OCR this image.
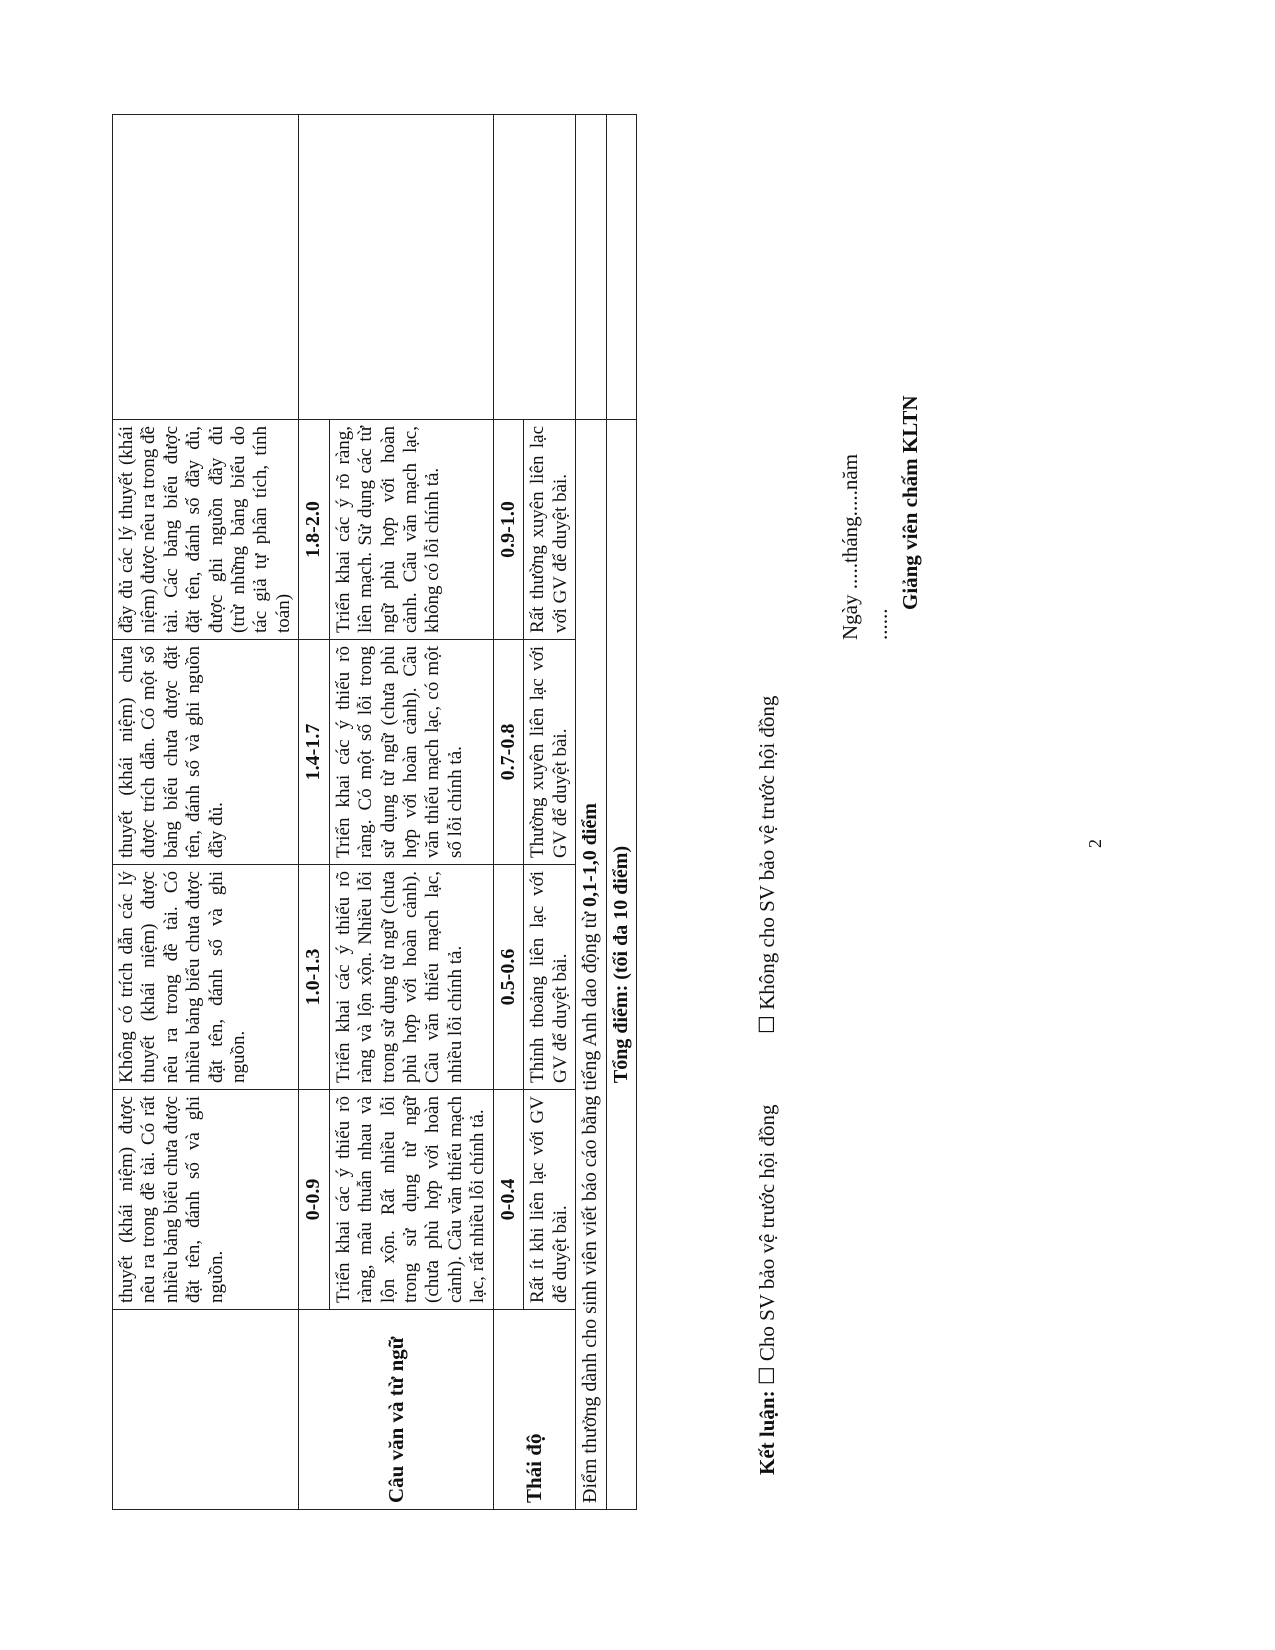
	thuyết (khái niệm) được nêu ra trong đề tài. Có rất nhiều bảng biểu chưa được đặt tên, đánh số và ghi nguồn.	Không có trích dẫn các lý thuyết (khái niệm) được nêu ra trong đề tài. Có nhiều bảng biểu chưa được đặt tên, đánh số và ghi nguồn.	thuyết (khái niệm) chưa được trích dẫn. Có một số bảng biểu chưa được đặt tên, đánh số và ghi nguồn đầy đủ.	đầy đủ các lý thuyết (khái niệm) được nêu ra trong đề tài. Các bảng biểu được đặt tên, đánh số đầy đủ, được ghi nguồn đầy đủ (trừ những bảng biểu do tác giả tự phân tích, tính toán)	
Câu văn và từ ngữ	0-0.9	1.0-1.3	1.4-1.7	1.8-2.0	
	Triển khai các ý thiếu rõ ràng, mâu thuẫn nhau và lộn xộn. Rất nhiều lỗi trong sử dụng từ ngữ (chưa phù hợp với hoàn cảnh). Câu văn thiếu mạch lạc, rất nhiều lỗi chính tả.	Triển khai các ý thiếu rõ ràng và lộn xộn. Nhiều lỗi trong sử dụng từ ngữ (chưa phù hợp với hoàn cảnh). Câu văn thiếu mạch lạc, nhiều lỗi chính tả.	Triển khai các ý thiếu rõ ràng. Có một số lỗi trong sử dụng từ ngữ (chưa phù hợp với hoàn cảnh). Câu văn thiếu mạch lạc, có một số lỗi chính tả.	Triển khai các ý rõ ràng, liên mạch. Sử dụng các từ ngữ phù hợp với hoàn cảnh. Câu văn mạch lạc, không có lỗi chính tả.	
Thái độ	0-0.4	0.5-0.6	0.7-0.8	0.9-1.0	
	Rất ít khi liên lạc với GV để duyệt bài.	Thỉnh thoảng liên lạc với GV để duyệt bài.	Thường xuyên liên lạc với GV để duyệt bài.	Rất thường xuyên liên lạc với GV để duyệt bài.	
Điểm thưởng dành cho sinh viên viết báo cáo bằng tiếng Anh dao động từ 0,1-1,0 điểm					
Tổng điểm: (tối đa 10 điểm)					
Kết luận: ☐ Cho SV bảo vệ trước hội đồng  ☐ Không cho SV bảo vệ trước hội đồng
Ngày .....tháng.....năm ......
Giảng viên chấm KLTN
2
